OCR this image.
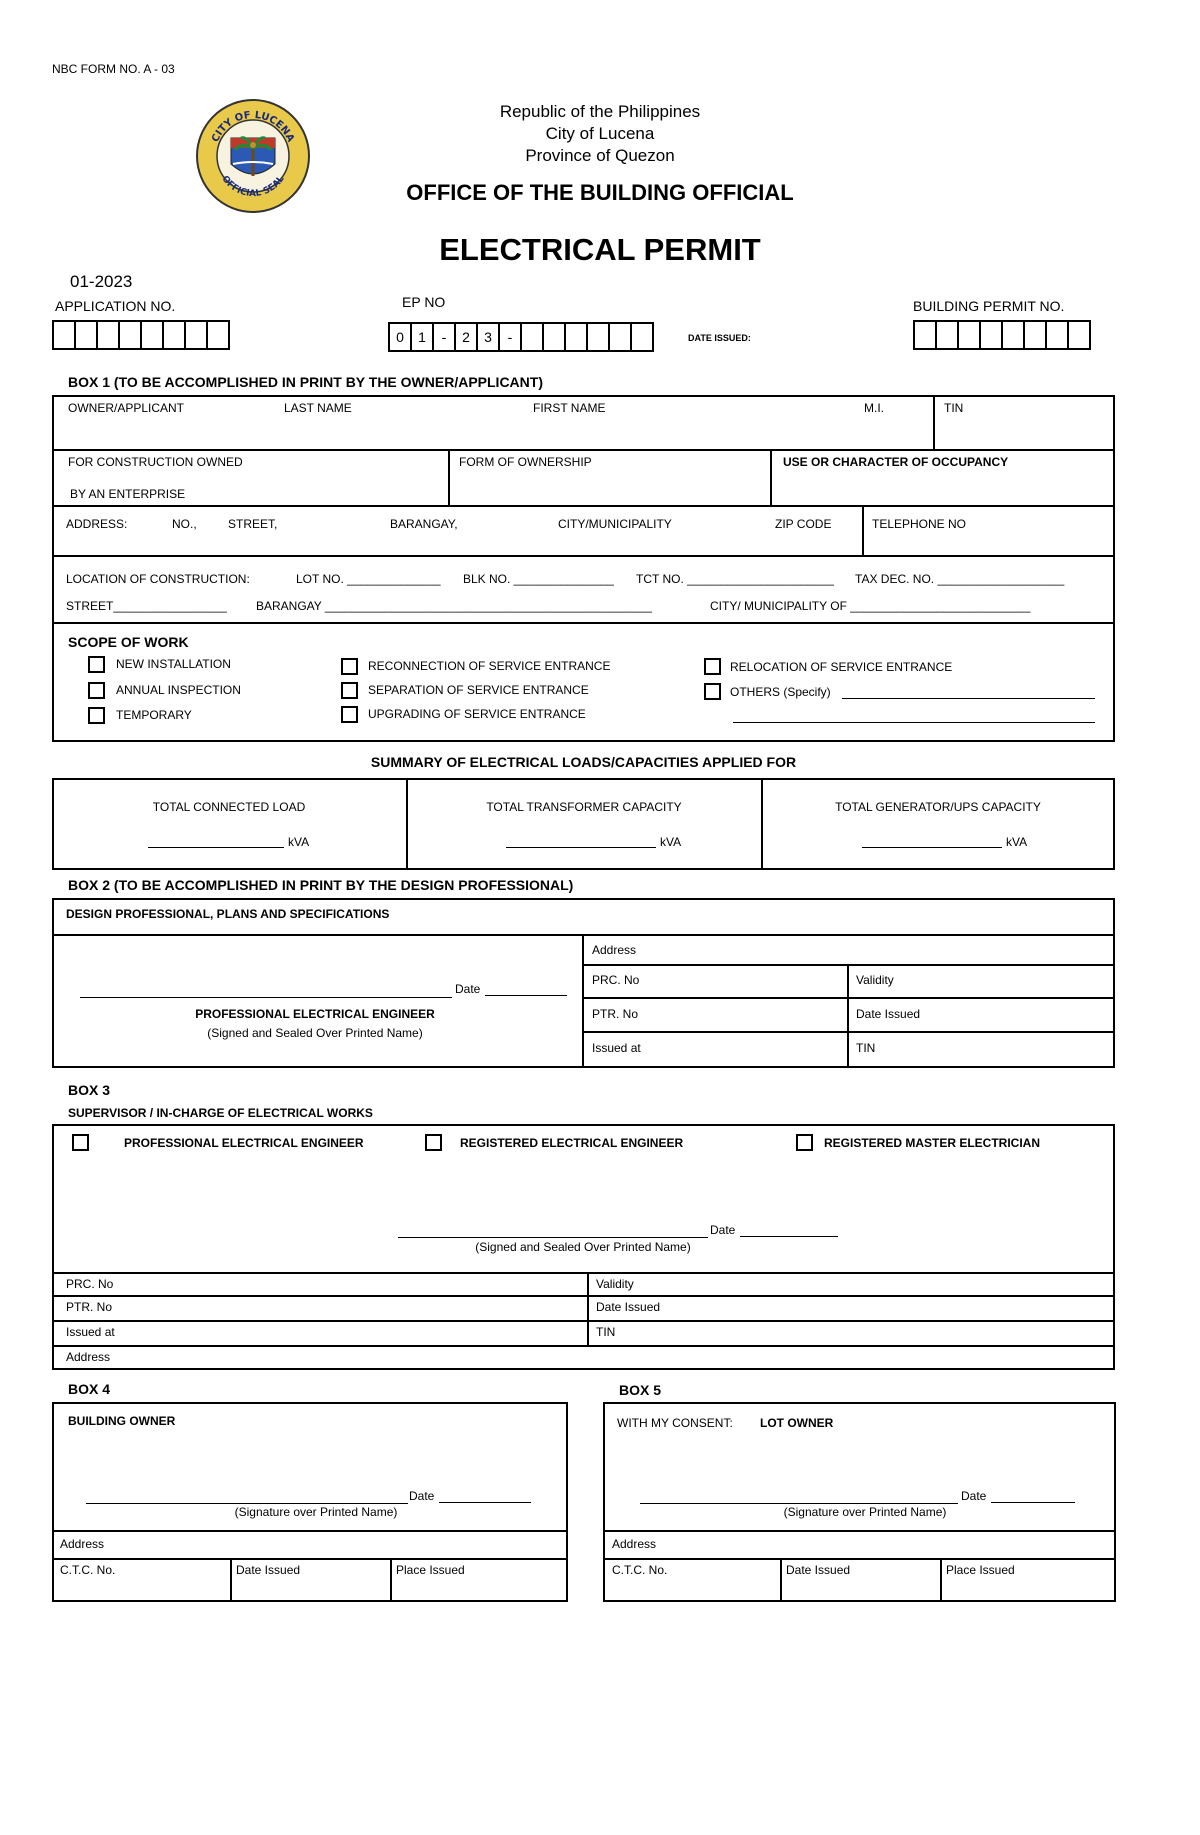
NBC FORM NO. A - 03
CITY OF LUCENA
OFFICIAL SEAL
Republic of the Philippines
City of Lucena
Province of Quezon
OFFICE OF THE BUILDING OFFICIAL
ELECTRICAL PERMIT
01-2023
APPLICATION NO.	EP NO
0	1	-	2	3	-	DATE ISSUED:
BUILDING PERMIT NO.
BOX 1 (TO BE ACCOMPLISHED IN PRINT BY THE OWNER/APPLICANT)
OWNER/APPLICANT	LAST NAME	FIRST NAME	M.I.	TIN
FOR CONSTRUCTION OWNED
BY AN ENTERPRISE
FORM OF OWNERSHIP	USE OR CHARACTER OF OCCUPANCY
ADDRESS:	NO.,	STREET,	BARANGAY,	CITY/MUNICIPALITY	ZIP CODE	TELEPHONE NO
LOCATION OF CONSTRUCTION:	LOT NO. ______________ BLK NO. _______________ TCT NO. ______________________ TAX DEC. NO. ___________________
STREET_________________ BARANGAY _________________________________________________	CITY/ MUNICIPALITY OF ___________________________
SCOPE OF WORK
NEW INSTALLATION
ANNUAL INSPECTION
TEMPORARY
RECONNECTION OF SERVICE ENTRANCE
SEPARATION OF SERVICE ENTRANCE
UPGRADING OF SERVICE ENTRANCE
RELOCATION OF SERVICE ENTRANCE
OTHERS (Specify)
SUMMARY OF ELECTRICAL LOADS/CAPACITIES APPLIED FOR
TOTAL CONNECTED LOAD
kVA
TOTAL TRANSFORMER CAPACITY
kVA
TOTAL GENERATOR/UPS CAPACITY
kVA
BOX 2 (TO BE ACCOMPLISHED IN PRINT BY THE DESIGN PROFESSIONAL)
DESIGN PROFESSIONAL, PLANS AND SPECIFICATIONS
Date
PROFESSIONAL ELECTRICAL ENGINEER
(Signed and Sealed Over Printed Name)
Address
PRC. No	Validity
PTR. No	Date Issued
Issued at	TIN
BOX 3
SUPERVISOR / IN-CHARGE OF ELECTRICAL WORKS
PROFESSIONAL ELECTRICAL ENGINEER	REGISTERED ELECTRICAL ENGINEER	REGISTERED MASTER ELECTRICIAN
Date
(Signed and Sealed Over Printed Name)
PRC. No	Validity
PTR. No	Date Issued
Issued at	TIN
Address
BOX 4
BUILDING OWNER
Date
(Signature over Printed Name)
Address
C.T.C. No.	Date Issued	Place Issued
BOX 5
WITH MY CONSENT: LOT OWNER
Date
(Signature over Printed Name)
Address
C.T.C. No.	Date Issued	Place Issued
